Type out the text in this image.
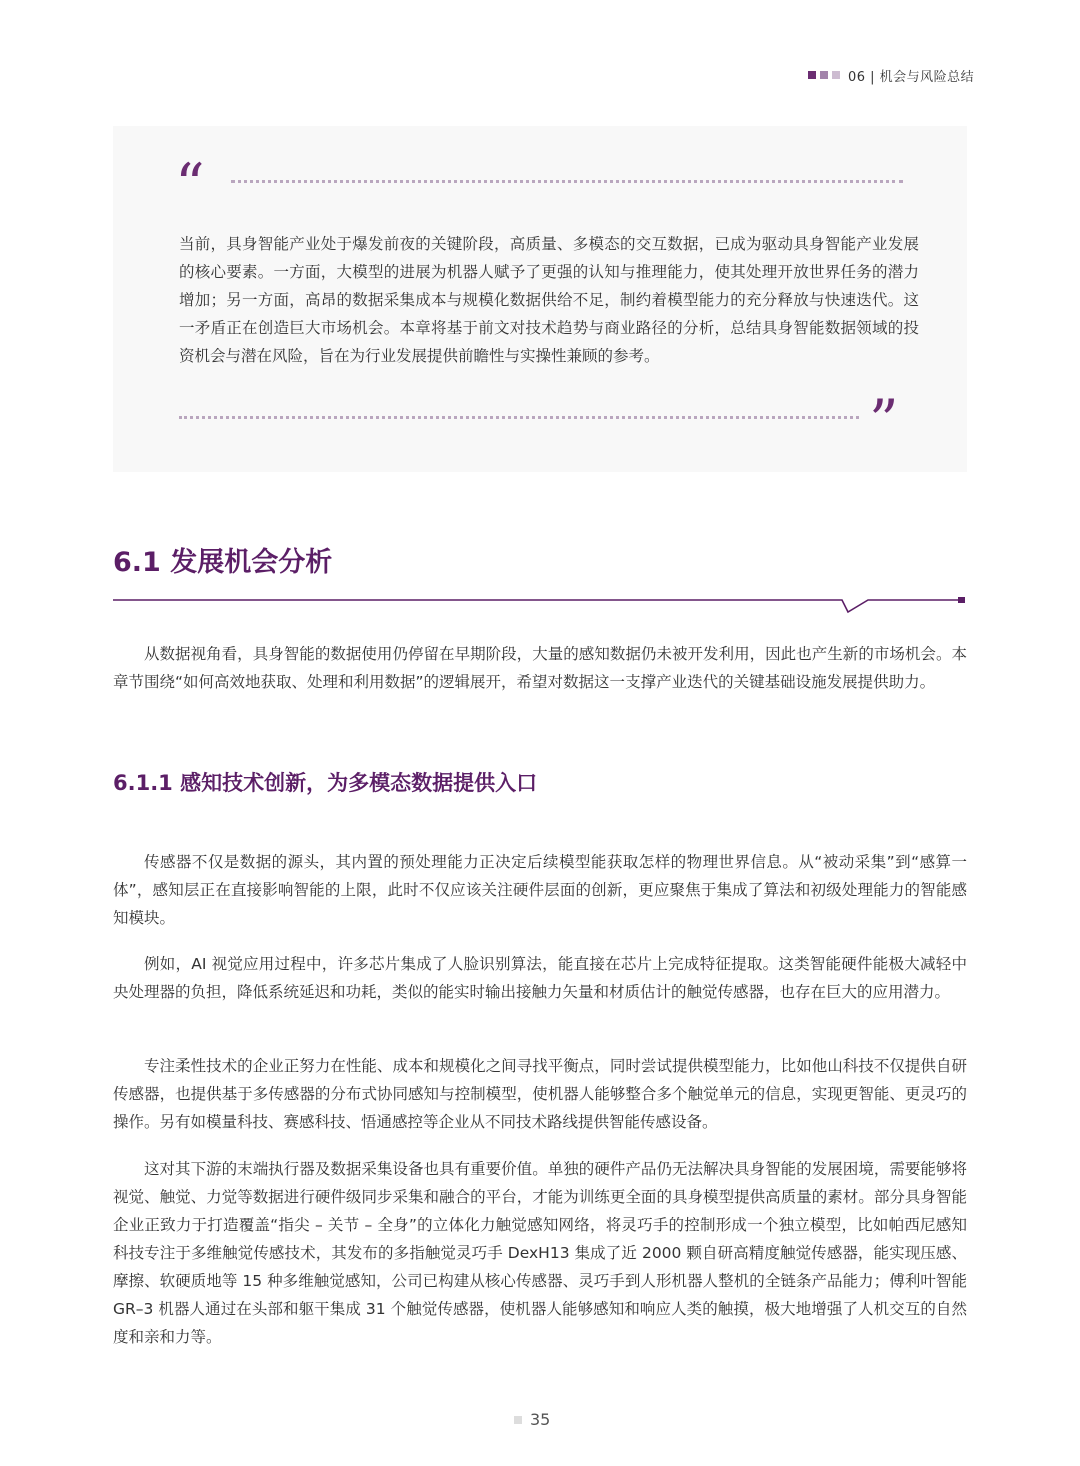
06 | 机会与风险总结
“

当前，具身智能产业处于爆发前夜的关键阶段，高质量、多模态的交互数据，已成为驱动具身智能产业发展的核心要素。一方面，大模型的进展为机器人赋予了更强的认知与推理能力，使其处理开放世界任务的潜力增加；另一方面，高昂的数据采集成本与规模化数据供给不足，制约着模型能力的充分释放与快速迭代。这一矛盾正在创造巨大市场机会。本章将基于前文对技术趋势与商业路径的分析，总结具身智能数据领域的投资机会与潜在风险，旨在为行业发展提供前瞻性与实操性兼顾的参考。

”
6.1 发展机会分析

从数据视角看，具身智能的数据使用仍停留在早期阶段，大量的感知数据仍未被开发利用，因此也产生新的市场机会。本章节围绕“如何高效地获取、处理和利用数据”的逻辑展开，希望对数据这一支撑产业迭代的关键基础设施发展提供助力。

6.1.1 感知技术创新，为多模态数据提供入口

传感器不仅是数据的源头，其内置的预处理能力正决定后续模型能获取怎样的物理世界信息。从“被动采集”到“感算一体”，感知层正在直接影响智能的上限，此时不仅应该关注硬件层面的创新，更应聚焦于集成了算法和初级处理能力的智能感知模块。

例如，AI 视觉应用过程中，许多芯片集成了人脸识别算法，能直接在芯片上完成特征提取。这类智能硬件能极大减轻中央处理器的负担，降低系统延迟和功耗，类似的能实时输出接触力矢量和材质估计的触觉传感器，也存在巨大的应用潜力。

专注柔性技术的企业正努力在性能、成本和规模化之间寻找平衡点，同时尝试提供模型能力，比如他山科技不仅提供自研传感器，也提供基于多传感器的分布式协同感知与控制模型，使机器人能够整合多个触觉单元的信息，实现更智能、更灵巧的操作。另有如模量科技、赛感科技、悟通感控等企业从不同技术路线提供智能传感设备。

这对其下游的末端执行器及数据采集设备也具有重要价值。单独的硬件产品仍无法解决具身智能的发展困境，需要能够将视觉、触觉、力觉等数据进行硬件级同步采集和融合的平台，才能为训练更全面的具身模型提供高质量的素材。部分具身智能企业正致力于打造覆盖“指尖 – 关节 – 全身”的立体化力触觉感知网络，将灵巧手的控制形成一个独立模型，比如帕西尼感知科技专注于多维触觉传感技术，其发布的多指触觉灵巧手 DexH13 集成了近 2000 颗自研高精度触觉传感器，能实现压感、摩擦、软硬质地等 15 种多维触觉感知，公司已构建从核心传感器、灵巧手到人形机器人整机的全链条产品能力；傅利叶智能 GR–3 机器人通过在头部和躯干集成 31 个触觉传感器，使机器人能够感知和响应人类的触摸，极大地增强了人机交互的自然度和亲和力等。

35
